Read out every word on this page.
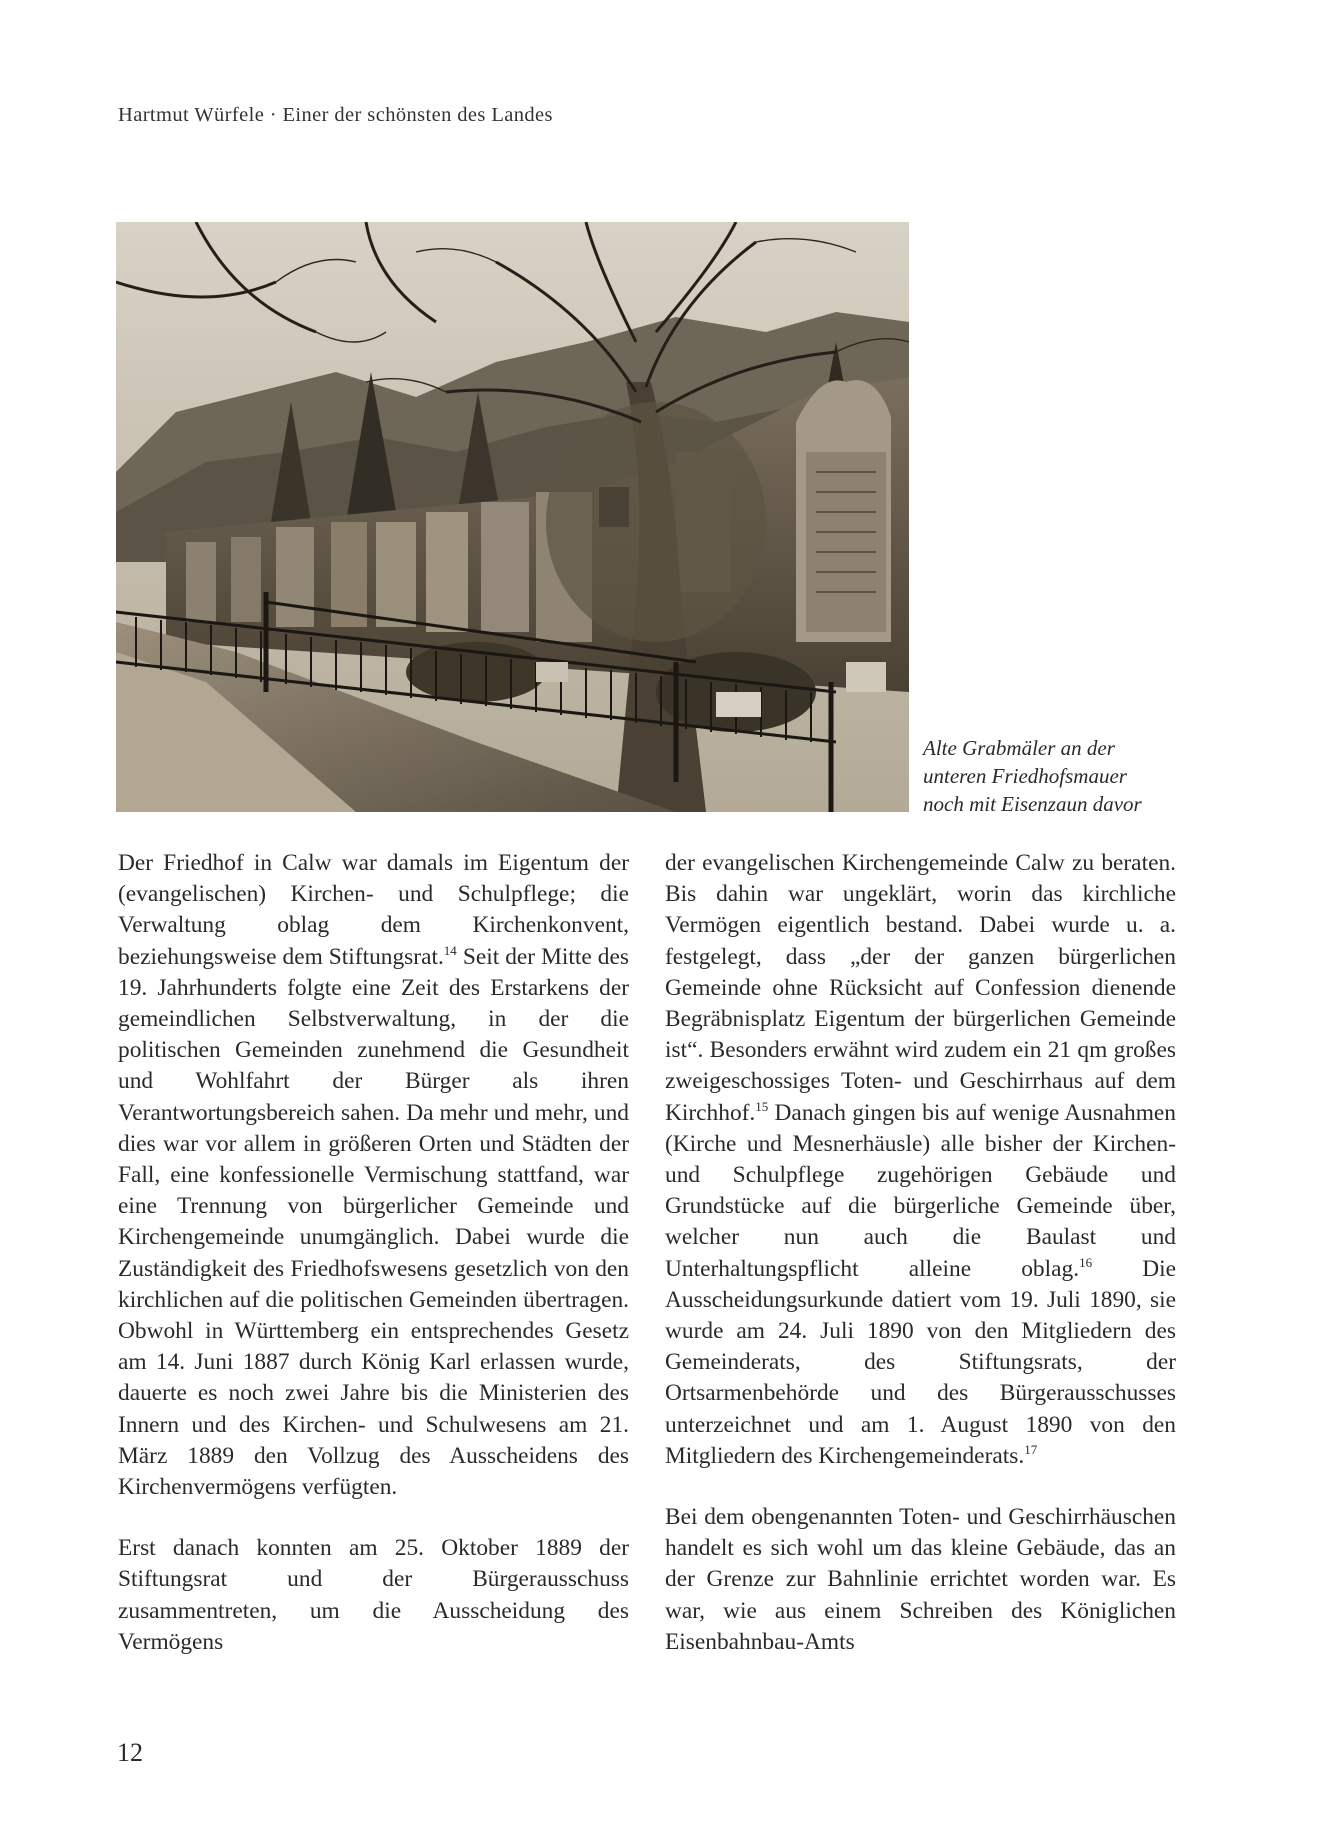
Hartmut Würfele · Einer der schönsten des Landes
Alte Grabmäler an der
unteren Friedhofsmauer
noch mit Eisenzaun davor

Der Friedhof in Calw war damals im Eigentum der (evangelischen) Kirchen- und Schulpflege; die Verwaltung oblag dem Kirchenkonvent, beziehungsweise dem Stiftungsrat.$^{14}$ Seit der Mitte des 19. Jahrhunderts folgte eine Zeit des Erstarkens der gemeindlichen Selbstverwaltung, in der die politischen Gemeinden zunehmend die Gesundheit und Wohlfahrt der Bürger als ihren Verantwortungsbereich sahen. Da mehr und mehr, und dies war vor allem in größeren Orten und Städten der Fall, eine konfessionelle Vermischung stattfand, war eine Trennung von bürgerlicher Gemeinde und Kirchengemeinde unumgänglich. Dabei wurde die Zuständigkeit des Friedhofswesens gesetzlich von den kirchlichen auf die politischen Gemeinden übertragen. Obwohl in Württemberg ein entsprechendes Gesetz am 14. Juni 1887 durch König Karl erlassen wurde, dauerte es noch zwei Jahre bis die Ministerien des Innern und des Kirchen- und Schulwesens am 21. März 1889 den Vollzug des Ausscheidens des Kirchenvermögens verfügten.

Erst danach konnten am 25. Oktober 1889 der Stiftungsrat und der Bürgerausschuss zusammentreten, um die Ausscheidung des Vermögens

der evangelischen Kirchengemeinde Calw zu beraten. Bis dahin war ungeklärt, worin das kirchliche Vermögen eigentlich bestand. Dabei wurde u. a. festgelegt, dass „der der ganzen bürgerlichen Gemeinde ohne Rücksicht auf Confession dienende Begräbnisplatz Eigentum der bürgerlichen Gemeinde ist“. Besonders erwähnt wird zudem ein 21 qm großes zweigeschossiges Toten- und Geschirrhaus auf dem Kirchhof.$^{15}$ Danach gingen bis auf wenige Ausnahmen (Kirche und Mesnerhäusle) alle bisher der Kirchen- und Schulpflege zugehörigen Gebäude und Grundstücke auf die bürgerliche Gemeinde über, welcher nun auch die Baulast und Unterhaltungspflicht alleine oblag.$^{16}$ Die Ausscheidungsurkunde datiert vom 19. Juli 1890, sie wurde am 24. Juli 1890 von den Mitgliedern des Gemeinderats, des Stiftungsrats, der Ortsarmenbehörde und des Bürgerausschusses unterzeichnet und am 1. August 1890 von den Mitgliedern des Kirchengemeinderats.$^{17}$

Bei dem obengenannten Toten- und Geschirrhäuschen handelt es sich wohl um das kleine Gebäude, das an der Grenze zur Bahnlinie errichtet worden war. Es war, wie aus einem Schreiben des Königlichen Eisenbahnbau-Amts

12
